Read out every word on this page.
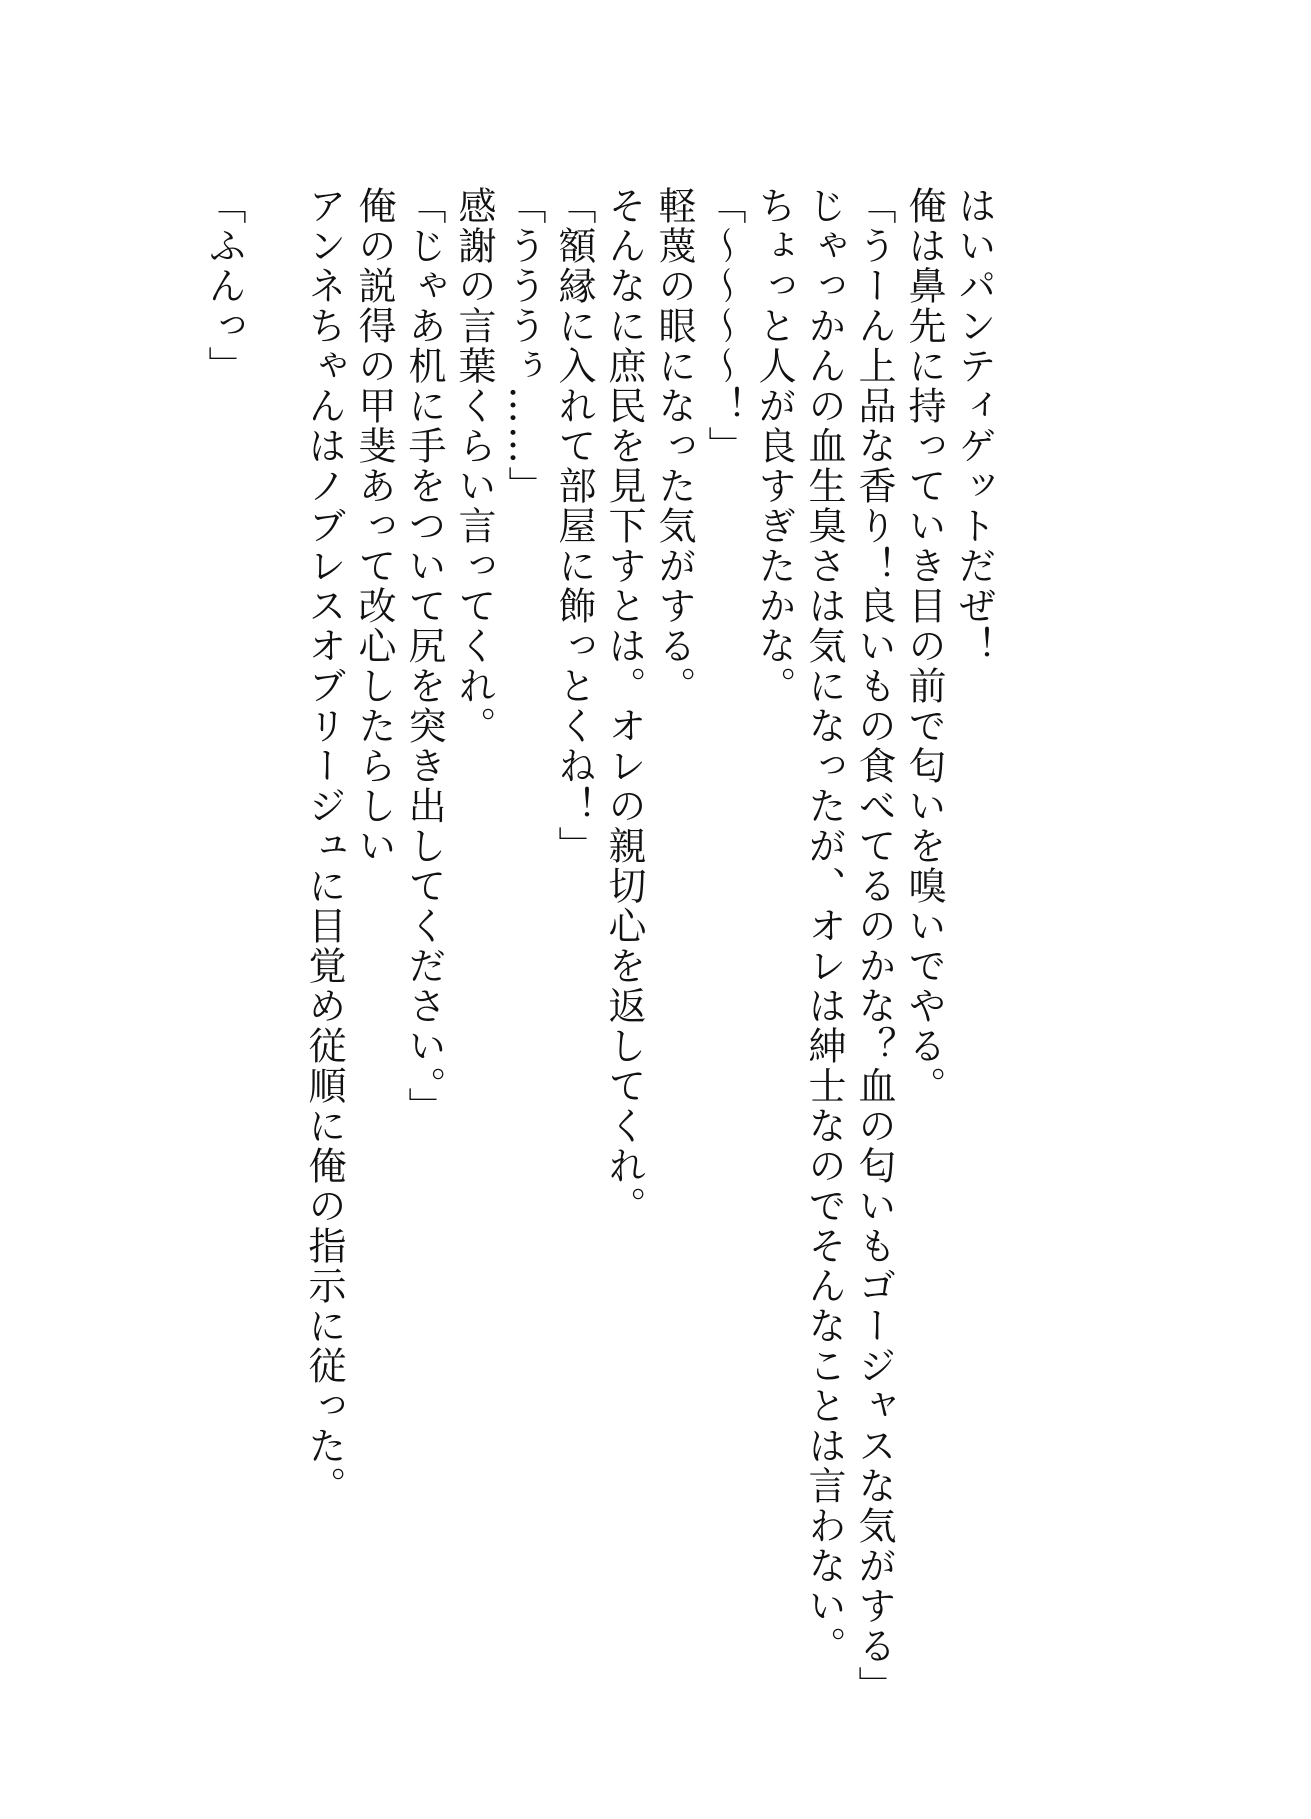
はいパンティゲットだぜ！

俺は鼻先に持っていき目の前で匂いを嗅いでやる。

「うーん上品な香り！良いもの食べてるのかな？血の匂いもゴージャスな気がする」

じゃっかんの血生臭さは気になったが、オレは紳士なのでそんなことは言わない。

ちょっと人が良すぎたかな。

「～～～～！」

軽蔑の眼になった気がする。

そんなに庶民を見下すとは。オレの親切心を返してくれ。

「額縁に入れて部屋に飾っとくね！」

「うううぅ……」

感謝の言葉くらい言ってくれ。

「じゃあ机に手をついて尻を突き出してください。」

俺の説得の甲斐あって改心したらしい

アンネちゃんはノブレスオブリージュに目覚め従順に俺の指示に従った。

「ふんっ」
